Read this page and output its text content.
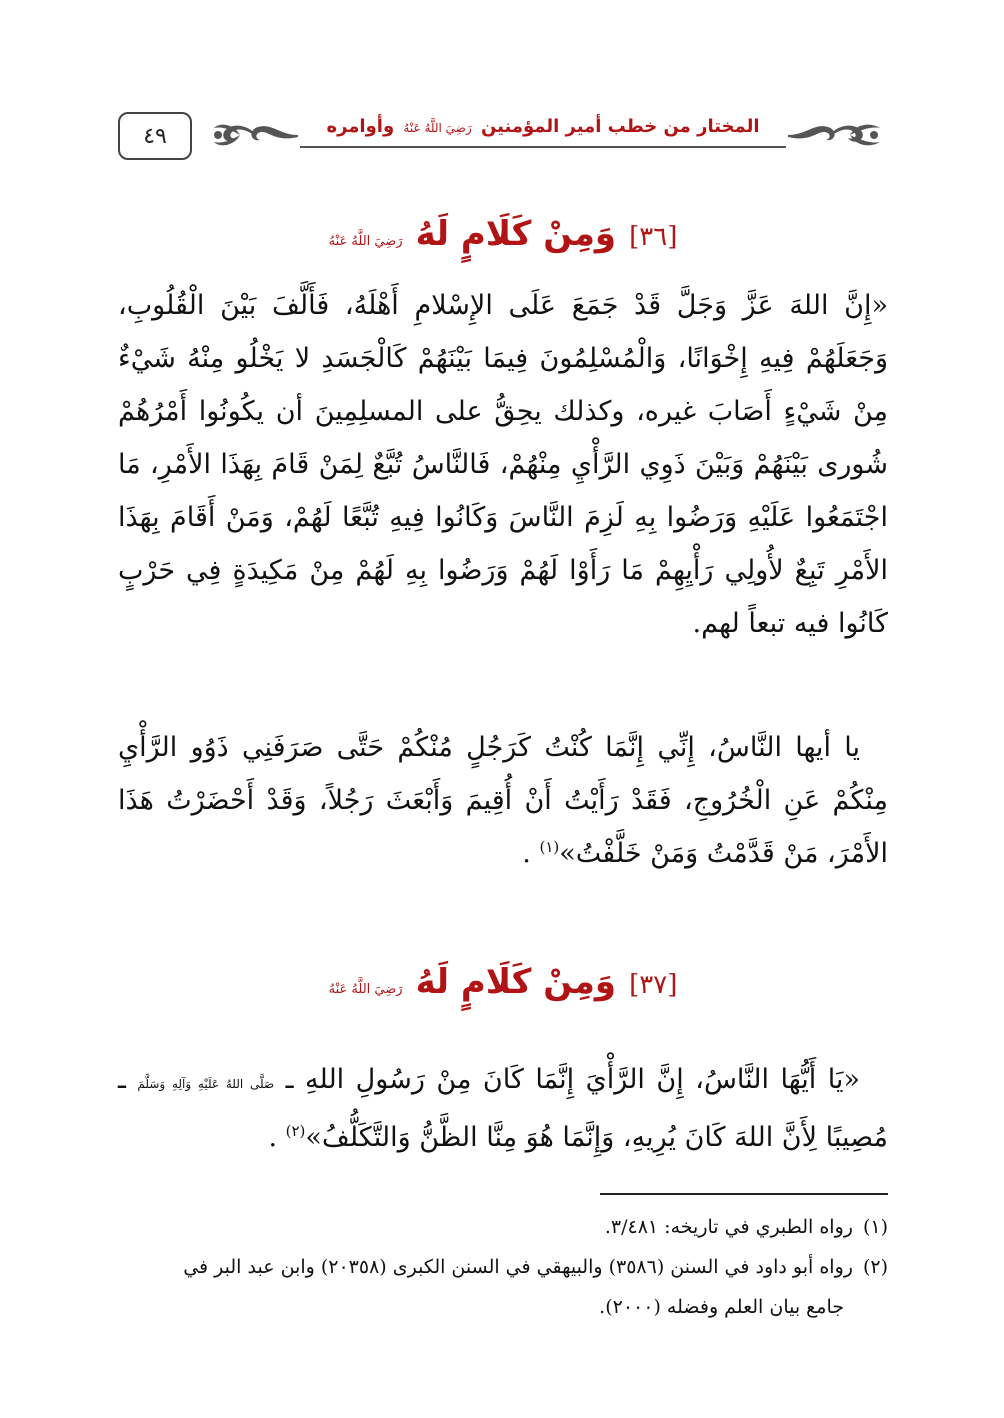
٤٩	المختار من خطب أمير المؤمنين رَضِيَ اللَّهُ عَنْهُ وأوامره
[٣٦] وَمِنْ كَلَامٍ لَهُ رَضِيَ اللَّهُ عَنْهُ
«إِنَّ اللهَ عَزَّ وَجَلَّ قَدْ جَمَعَ عَلَى الإِسْلامِ أَهْلَهُ، فَأَلَّفَ بَيْنَ الْقُلُوبِ، وَجَعَلَهُمْ فِيهِ إِخْوَانًا، وَالْمُسْلِمُونَ فِيمَا بَيْنَهُمْ كَالْجَسَدِ لا يَخْلُو مِنْهُ شَيْءٌ مِنْ شَيْءٍ أَصَابَ غيره، وكذلك يحِقُّ على المسلِمِينَ أن يكُونُوا أَمْرُهُمْ شُورى بَيْنَهُمْ وَبَيْنَ ذَوِي الرَّأْيِ مِنْهُمْ، فَالنَّاسُ تُبَّعٌ لِمَنْ قَامَ بِهَذَا الأَمْرِ، مَا اجْتَمَعُوا عَلَيْهِ وَرَضُوا بِهِ لَزِمَ النَّاسَ وَكَانُوا فِيهِ تُبَّعًا لَهُمْ، وَمَنْ أَقَامَ بِهَذَا الأَمْرِ تَبِعٌ لأُولِي رَأْيِهِمْ مَا رَأَوْا لَهُمْ وَرَضُوا بِهِ لَهُمْ مِنْ مَكِيدَةٍ فِي حَرْبٍ كَانُوا فيه تبعاً لهم.
يا أيها النَّاسُ، إِنِّي إِنَّمَا كُنْتُ كَرَجُلٍ مُنْكُمْ حَتَّى صَرَفَنِي ذَوُو الرَّأْيِ مِنْكُمْ عَنِ الْخُرُوجِ، فَقَدْ رَأَيْتُ أَنْ أُقِيمَ وَأَبْعَثَ رَجُلاً، وَقَدْ أَحْضَرْتُ هَذَا الأَمْرَ، مَنْ قَدَّمْتُ وَمَنْ خَلَّفْتُ»$^{(١)}$ .
[٣٧] وَمِنْ كَلَامٍ لَهُ رَضِيَ اللَّهُ عَنْهُ
«يَا أَيُّهَا النَّاسُ، إِنَّ الرَّأْيَ إِنَّمَا كَانَ مِنْ رَسُولِ اللهِ ـ صَلَّى اللهُ عَلَيْهِ وَآلِهِ وَسَلَّمَ ـ مُصِيبًا لِأَنَّ اللهَ كَانَ يُرِيهِ، وَإِنَّمَا هُوَ مِنَّا الظَّنُّ وَالتَّكَلُّفُ»$^{(٢)}$ .
(١)رواه الطبري في تاريخه: ٣/٤٨١.
(٢)رواه أبو داود في السنن (٣٥٨٦) والبيهقي في السنن الكبرى (٢٠٣٥٨) وابن عبد البر في
جامع بيان العلم وفضله (٢٠٠٠).
